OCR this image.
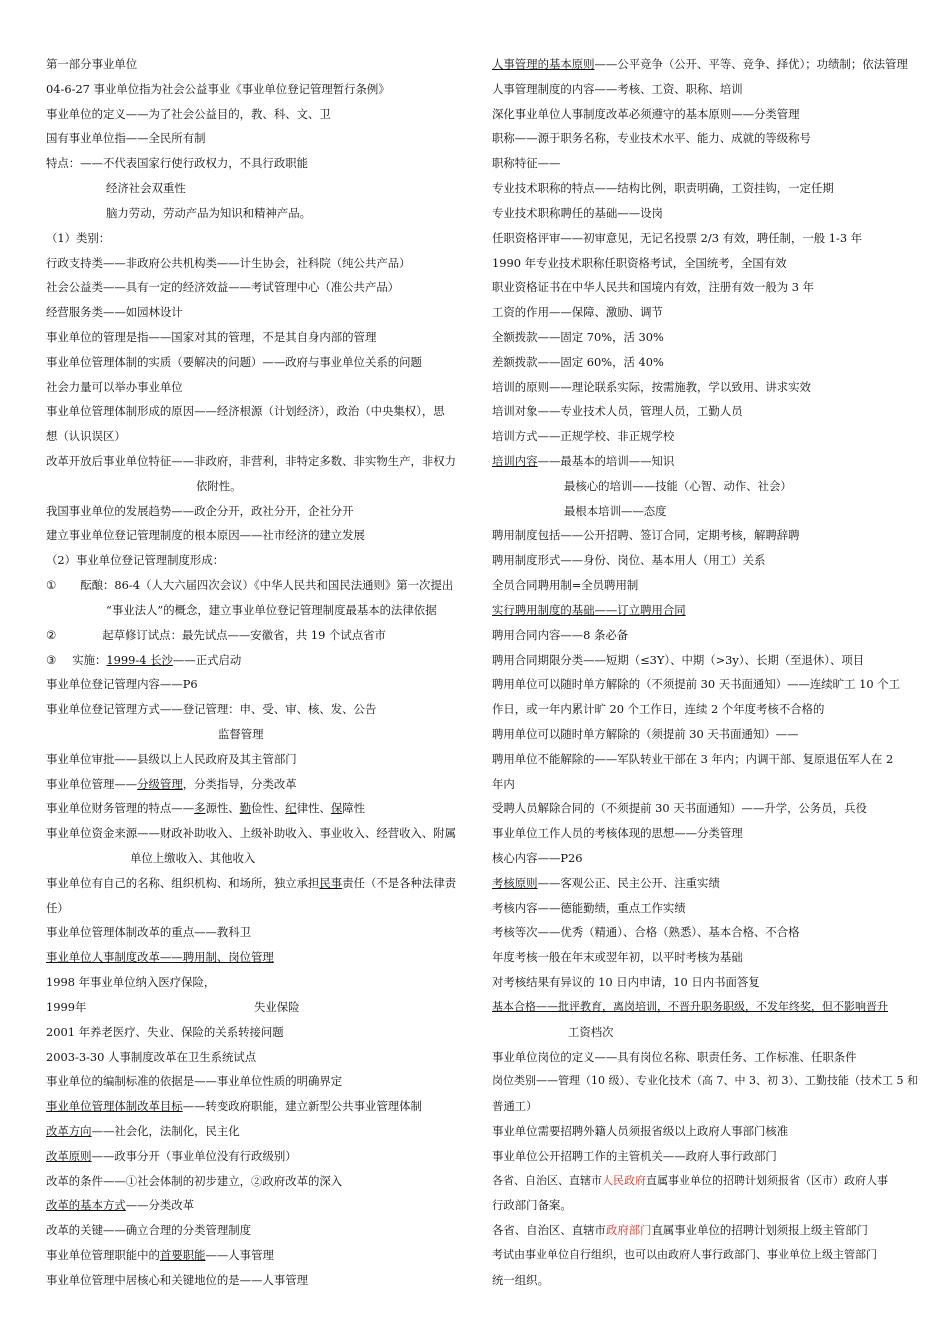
第一部分事业单位
04-6-27 事业单位指为社会公益事业《事业单位登记管理暂行条例》
事业单位的定义——为了社会公益目的，教、科、文、卫
国有事业单位指——全民所有制
特点：——不代表国家行使行政权力，不具行政职能
经济社会双重性
脑力劳动，劳动产品为知识和精神产品。
（1）类别：
行政支持类——非政府公共机构类——计生协会，社科院（纯公共产品）
社会公益类——具有一定的经济效益——考试管理中心（准公共产品）
经营服务类——如园林设计
事业单位的管理是指——国家对其的管理，不是其自身内部的管理
事业单位管理体制的实质（要解决的问题）——政府与事业单位关系的问题
社会力量可以举办事业单位
事业单位管理体制形成的原因——经济根源（计划经济），政治（中央集权），思
想（认识误区）
改革开放后事业单位特征——非政府，非营利，非特定多数、非实物生产，非权力
依附性。
我国事业单位的发展趋势——政企分开，政社分开，企社分开
建立事业单位登记管理制度的根本原因——社市经济的建立发展
（2）事业单位登记管理制度形成：
① 酝酿：86-4（人大六届四次会议）《中华人民共和国民法通则》第一次提出
“事业法人”的概念，建立事业单位登记管理制度最基本的法律依据
②	起草修订试点：最先试点——安徽省，共 19 个试点省市
③ 实施：1999-4 长沙——正式启动
事业单位登记管理内容——P6
事业单位登记管理方式——登记管理：申、受、审、核、发、公告
监督管理
事业单位审批——县级以上人民政府及其主管部门
事业单位管理——分级管理，分类指导，分类改革
事业单位财务管理的特点——多源性、勤俭性、纪律性、保障性
事业单位资金来源——财政补助收入、上级补助收入、事业收入、经营收入、附属
单位上缴收入、其他收入
事业单位有自己的名称、组织机构、和场所，独立承担民事责任（不是各种法律责
任）
事业单位管理体制改革的重点——教科卫
事业单位人事制度改革——聘用制、岗位管理
1998 年事业单位纳入医疗保险，
1999年	失业保险
2001 年养老医疗、失业、保险的关系转接问题
2003-3-30 人事制度改革在卫生系统试点
事业单位的编制标准的依据是——事业单位性质的明确界定
事业单位管理体制改革目标——转变政府职能，建立新型公共事业管理体制
改革方向——社会化，法制化，民主化
改革原则——政事分开（事业单位没有行政级别）
改革的条件——①社会体制的初步建立，②政府改革的深入
改革的基本方式——分类改革
改革的关键——确立合理的分类管理制度
事业单位管理职能中的首要职能——人事管理
事业单位管理中居核心和关键地位的是——人事管理
人事管理的基本原则——公平竞争（公开、平等、竞争、择优）；功绩制；依法管理
人事管理制度的内容——考核、工资、职称、培训
深化事业单位人事制度改革必须遵守的基本原则——分类管理
职称——源于职务名称，专业技术水平、能力、成就的等级称号
职称特征——
专业技术职称的特点——结构比例，职责明确，工资挂钩，一定任期
专业技术职称聘任的基础——设岗
任职资格评审——初审意见，无记名投票 2/3 有效，聘任制，一般 1-3 年
1990 年专业技术职称任职资格考试，全国统考，全国有效
职业资格证书在中华人民共和国境内有效，注册有效一般为 3 年
工资的作用——保障、激励、调节
全额拨款——固定 70%，活 30%
差额拨款——固定 60%，活 40%
培训的原则——理论联系实际，按需施教，学以致用、讲求实效
培训对象——专业技术人员，管理人员，工勤人员
培训方式——正规学校、非正规学校
培训内容——最基本的培训——知识
最核心的培训——技能（心智、动作、社会）
最根本培训——态度
聘用制度包括——公开招聘、签订合同，定期考核，解聘辞聘
聘用制度形式——身份、岗位、基本用人（用工）关系
全员合同聘用制=全员聘用制
实行聘用制度的基础——订立聘用合同
聘用合同内容——8 条必备
聘用合同期限分类——短期（≤3Y）、中期（>3y）、长期（至退休）、项目
聘用单位可以随时单方解除的（不须提前 30 天书面通知）——连续旷工 10 个工
作日，或一年内累计旷 20 个工作日，连续 2 个年度考核不合格的
聘用单位可以随时单方解除的（须提前 30 天书面通知）——
聘用单位不能解除的——军队转业干部在 3 年内；内调干部、复原退伍军人在 2
年内
受聘人员解除合同的（不须提前 30 天书面通知）——升学，公务员，兵役
事业单位工作人员的考核体现的思想——分类管理
核心内容——P26
考核原则——客观公正、民主公开、注重实绩
考核内容——德能勤绩，重点工作实绩
考核等次——优秀（精通）、合格（熟悉）、基本合格、不合格
年度考核一般在年末或翌年初，以平时考核为基础
对考核结果有异议的 10 日内申请，10 日内书面答复
基本合格——批评教育，离岗培训，不晋升职务职级，不发年终奖，但不影响晋升
工资档次
事业单位岗位的定义——具有岗位名称、职责任务、工作标准、任职条件
岗位类别——管理（10 级）、专业化技术（高 7、中 3、初 3）、工勤技能（技术工 5 和
普通工）
事业单位需要招聘外籍人员须报省级以上政府人事部门核准
事业单位公开招聘工作的主管机关——政府人事行政部门
各省、自治区、直辖市人民政府直属事业单位的招聘计划须报省（区市）政府人事
行政部门备案。
各省、自治区、直辖市政府部门直属事业单位的招聘计划须报上级主管部门
考试由事业单位自行组织，也可以由政府人事行政部门、事业单位上级主管部门
统一组织。
